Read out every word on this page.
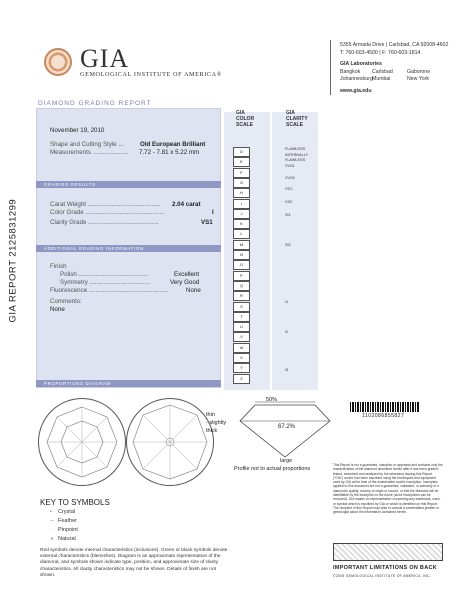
GIA
GEMOLOGICAL INSTITUTE OF AMERICA®
5355 Armada Drive | Carlsbad, CA 92008-4602
T: 760-603-4500 | F: 760-603-1814
GIA Laboratories
Bangkok Carlsbad	Gaborone
Johannesburg Mumbai	New York
www.gia.edu
DIAMOND GRADING REPORT
GIA REPORT 2125831299
November 19, 2010
Shape and Cutting Style ...	Old European Brilliant
Measurements ..................... 7.72 - 7.81 x 5.22 mm
GRADING RESULTS
Carat Weight .......................................... 2.04 carat
Color Grade ..............................................	I
Clarity Grade .........................................	VS1
ADDITIONAL GRADING INFORMATION
Finish
Polish .........................................	Excellent
Symmetry ...................................	Very Good
Fluorescence ..............................................	None
Comments:
None
PROPORTIONS DIAGRAM
GIA
COLOR
SCALE
GIA
CLARITY
SCALE
D
E
F
G
H
I
J
K
L
M
N
O
P
Q
R
S
T
U
V
W
X
Y
Z
FLAWLESS
INTERNALLY FLAWLESS
VVS1
VVS2
VS1
VS2
SI1
SI2
I1
I2
I3
50%
67.2%
thin
- slightly
thick
large
Profile not to actual proportions
1102086855827
KEY TO SYMBOLS
• Crystal
∼ Feather
· Pinpoint
∧ Natural
Red symbols denote internal characteristics (inclusions). Green or black symbols denote external characteristics (blemishes). Diagram is an approximate representation of the diamond, and symbols shown indicate type, position, and approximate size of clarity characteristics. All clarity characteristics may not be shown. Details of finish are not shown.
This Report is not a guarantee, valuation or appraisal and contains only the characteristics of the diamond described herein after it has been graded, tested, examined and analyzed by the laboratory issuing this Report ("GIA") and/or has been inscribed using the techniques and equipment used by GIA at the time of the examination and/or inscription. Inscription applied to this document are not a guarantee, validation, or warranty of a diamond's quality, country of origin or source, or that the diamond will be identifiable by the inscription in the future (since inscriptions can be removed). GIA makes no representation concerning any trademark, word, or symbol which is inscribed by GIA or which is identified on this Report. The recipient of this Report may wish to consult a credentialed jeweler or gemologist about the information contained herein.
IMPORTANT LIMITATIONS ON BACK
©2008 GEMOLOGICAL INSTITUTE OF AMERICA, INC.
